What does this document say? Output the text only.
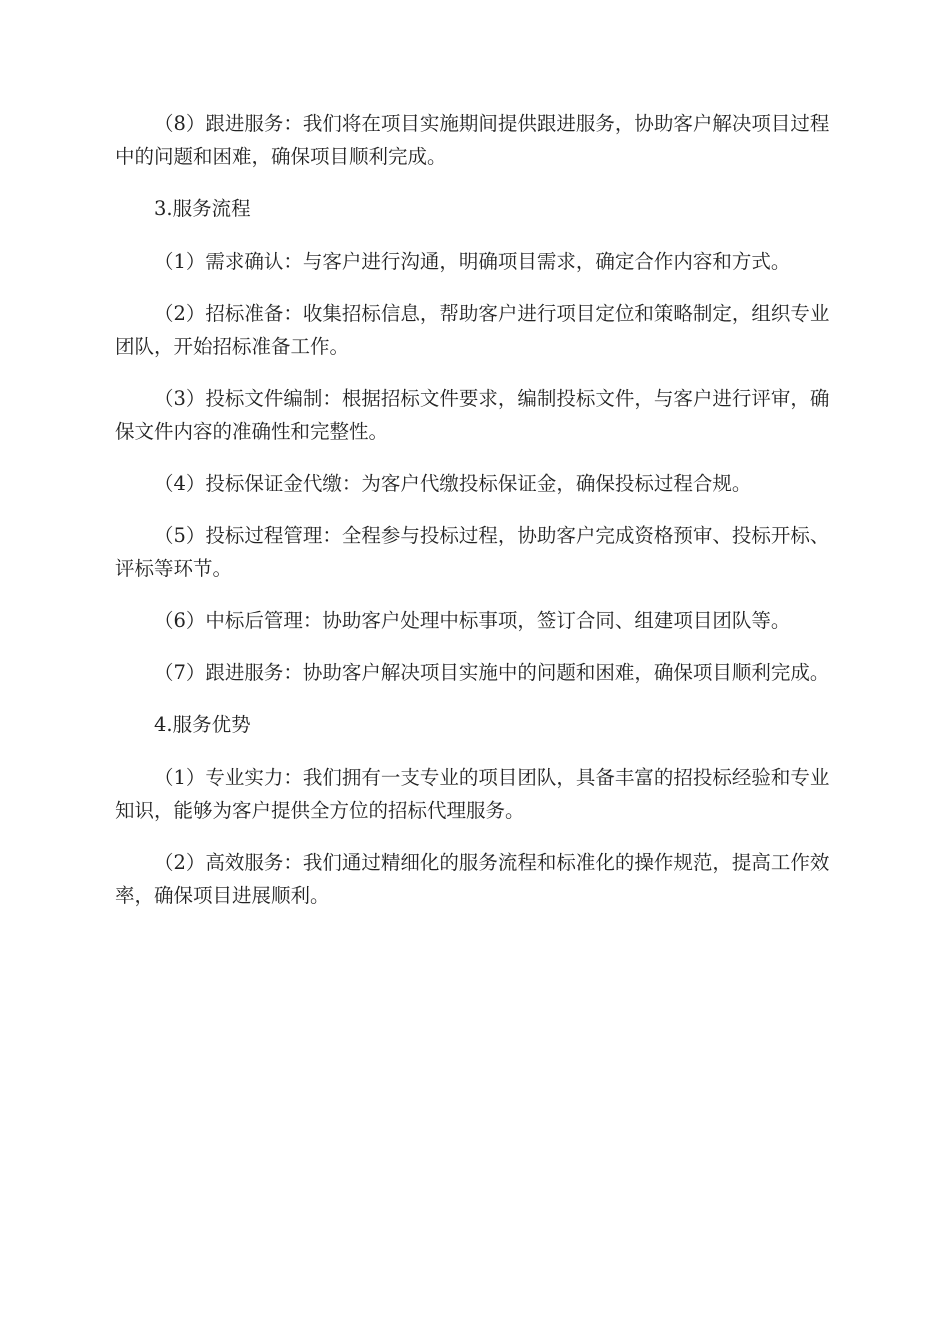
（8）跟进服务：我们将在项目实施期间提供跟进服务，协助客户解决项目过程中的问题和困难，确保项目顺利完成。

3.服务流程

（1）需求确认：与客户进行沟通，明确项目需求，确定合作内容和方式。

（2）招标准备：收集招标信息，帮助客户进行项目定位和策略制定，组织专业团队，开始招标准备工作。

（3）投标文件编制：根据招标文件要求，编制投标文件，与客户进行评审，确保文件内容的准确性和完整性。

（4）投标保证金代缴：为客户代缴投标保证金，确保投标过程合规。

（5）投标过程管理：全程参与投标过程，协助客户完成资格预审、投标开标、评标等环节。

（6）中标后管理：协助客户处理中标事项，签订合同、组建项目团队等。

（7）跟进服务：协助客户解决项目实施中的问题和困难，确保项目顺利完成。

4.服务优势

（1）专业实力：我们拥有一支专业的项目团队，具备丰富的招投标经验和专业知识，能够为客户提供全方位的招标代理服务。

（2）高效服务：我们通过精细化的服务流程和标准化的操作规范，提高工作效率，确保项目进展顺利。
